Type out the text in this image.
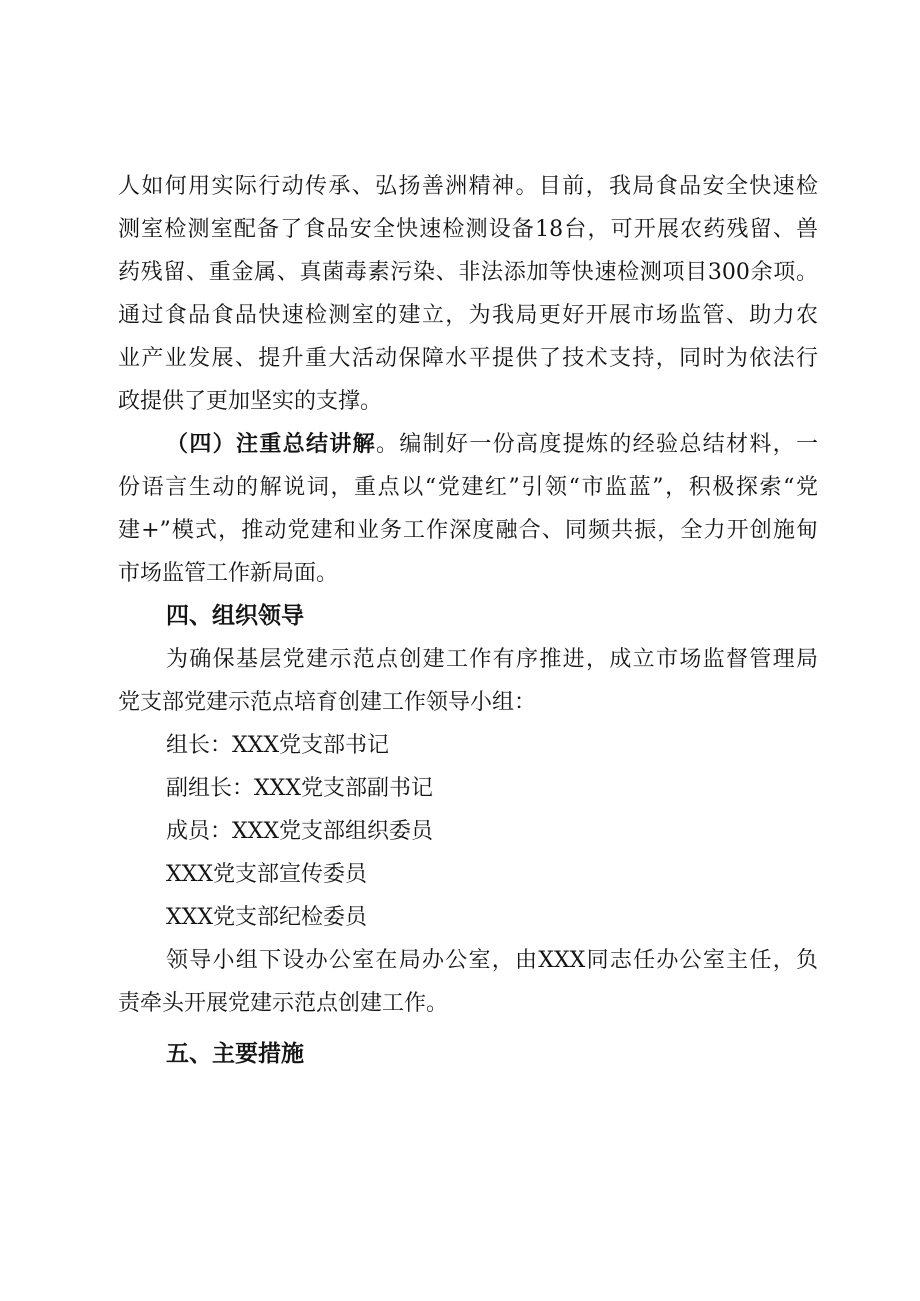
人如何用实际行动传承、弘扬善洲精神。目前，我局食品安全快速检
测室检测室配备了食品安全快速检测设备18台，可开展农药残留、兽
药残留、重金属、真菌毒素污染、非法添加等快速检测项目300余项。
通过食品食品快速检测室的建立，为我局更好开展市场监管、助力农
业产业发展、提升重大活动保障水平提供了技术支持，同时为依法行
政提供了更加坚实的支撑。
（四）注重总结讲解。编制好一份高度提炼的经验总结材料，一
份语言生动的解说词，重点以“党建红”引领“市监蓝”，积极探索“党
建+”模式，推动党建和业务工作深度融合、同频共振，全力开创施甸
市场监管工作新局面。
四、组织领导
为确保基层党建示范点创建工作有序推进，成立市场监督管理局
党支部党建示范点培育创建工作领导小组：
组长：XXX党支部书记
副组长：XXX党支部副书记
成员：XXX党支部组织委员
XXX党支部宣传委员
XXX党支部纪检委员
领导小组下设办公室在局办公室，由XXX同志任办公室主任，负
责牵头开展党建示范点创建工作。
五、主要措施
